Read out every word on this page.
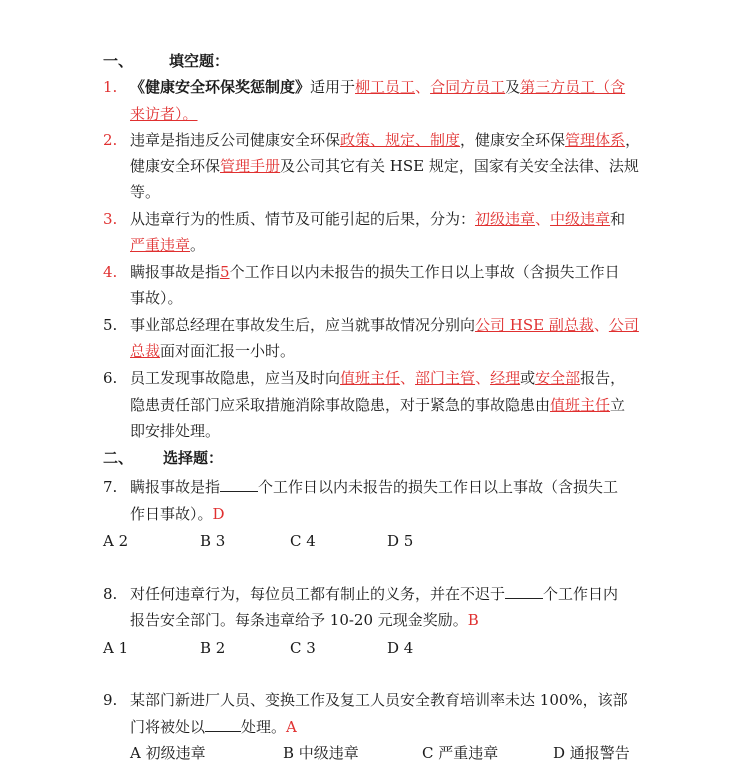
一、 填空题：
1. 《健康安全环保奖惩制度》适用于柳工员工、合同方员工及第三方员工（含
来访者）。
2. 违章是指违反公司健康安全环保政策、规定、制度，健康安全环保管理体系，
健康安全环保管理手册及公司其它有关 HSE 规定，国家有关安全法律、法规
等。
3. 从违章行为的性质、情节及可能引起的后果，分为：初级违章、中级违章和
严重违章。
4. 瞒报事故是指5个工作日以内未报告的损失工作日以上事故（含损失工作日
事故）。
5. 事业部总经理在事故发生后，应当就事故情况分别向公司 HSE 副总裁、公司
总裁面对面汇报一小时。
6. 员工发现事故隐患，应当及时向值班主任、部门主管、经理或安全部报告，
隐患责任部门应采取措施消除事故隐患，对于紧急的事故隐患由值班主任立
即安排处理。
二、 选择题：
7. 瞒报事故是指	个工作日以内未报告的损失工作日以上事故（含损失工
作日事故）。D
A 2	B 3	C 4	D 5
8. 对任何违章行为，每位员工都有制止的义务，并在不迟于	个工作日内
报告安全部门。每条违章给予 10-20 元现金奖励。B
A 1	B 2	C 3	D 4
9. 某部门新进厂人员、变换工作及复工人员安全教育培训率未达 100%，该部
门将被处以 处理。A
A 初级违章	B 中级违章	C 严重违章	D 通报警告
